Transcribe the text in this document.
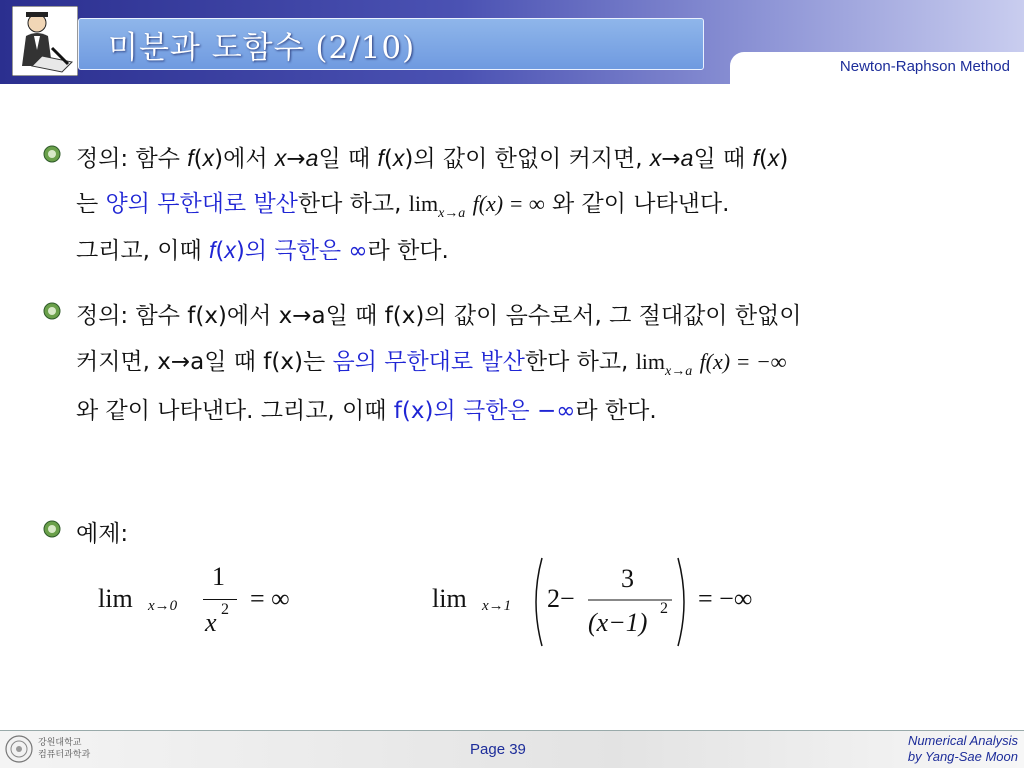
미분과 도함수 (2/10)
Newton-Raphson Method
정의: 함수 f(x)에서 x→a일 때 f(x)의 값이 한없이 커지면, x→a일 때 f(x)
는 양의 무한대로 발산한다 하고, $\lim_{x\to a} f(x)$ = ∞ 와 같이 나타낸다.
그리고, 이때 f(x)의 극한은 ∞라 한다.
정의: 함수 f(x)에서 x→a일 때 f(x)의 값이 음수로서, 그 절대값이 한없이
커지면, x→a일 때 f(x)는 음의 무한대로 발산한다 하고, $\lim_{x\to a} f(x)$ = −∞
와 같이 나타낸다. 그리고, 이때 f(x)의 극한은 −∞라 한다.
예제:
lim x→0
1
x 2 = ∞	lim x→1 2−
3
(x−1) 2 = −∞
강원대학교
컴퓨터과학과	Page 39
Numerical Analysis
by Yang-Sae Moon
